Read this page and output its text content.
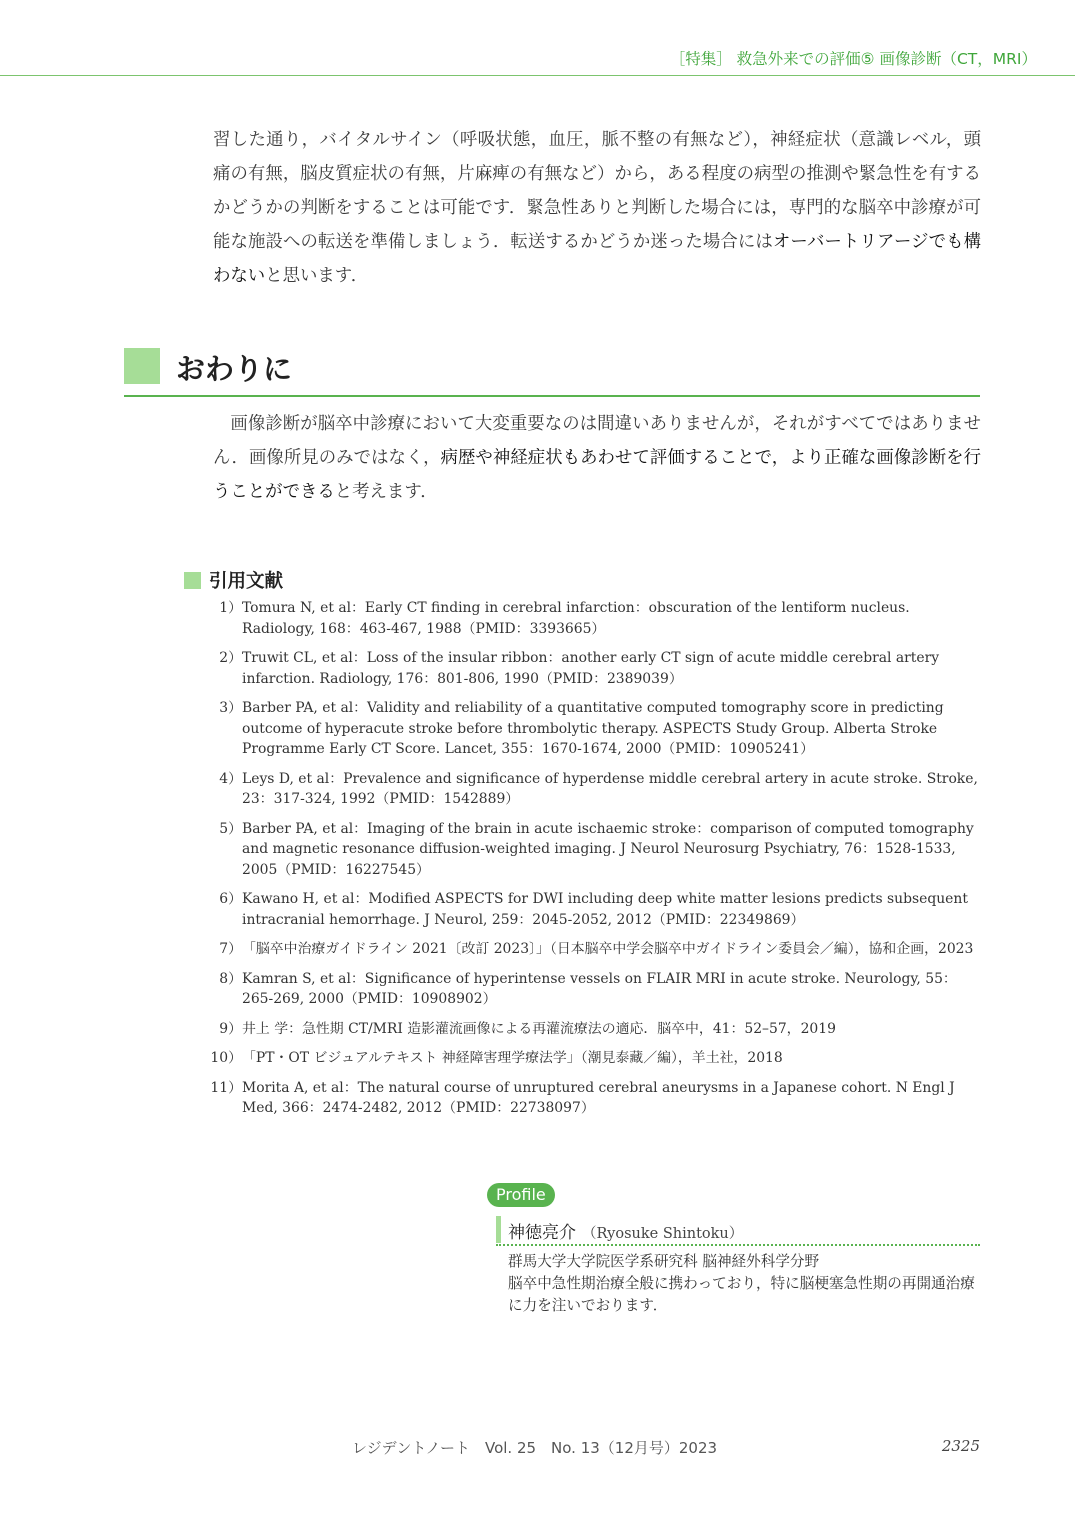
［特集］ 救急外来での評価⑤ 画像診断（CT，MRI）

習した通り，バイタルサイン（呼吸状態，血圧，脈不整の有無など），神経症状（意識レベル，頭痛の有無，脳皮質症状の有無，片麻痺の有無など）から，ある程度の病型の推測や緊急性を有するかどうかの判断をすることは可能です．緊急性ありと判断した場合には，専門的な脳卒中診療が可能な施設への転送を準備しましょう．転送するかどうか迷った場合にはオーバートリアージでも構わないと思います．

おわりに

画像診断が脳卒中診療において大変重要なのは間違いありませんが，それがすべてではありません．画像所見のみではなく，病歴や神経症状もあわせて評価することで，より正確な画像診断を行うことができると考えます．

引用文献
1） Tomura N, et al：Early CT finding in cerebral infarction：obscuration of the lentiform nucleus. Radiology, 168：463-467, 1988（PMID：3393665）
2） Truwit CL, et al：Loss of the insular ribbon：another early CT sign of acute middle cerebral artery infarction. Radiology, 176：801-806, 1990（PMID：2389039）
3） Barber PA, et al：Validity and reliability of a quantitative computed tomography score in predicting outcome of hyperacute stroke before thrombolytic therapy. ASPECTS Study Group. Alberta Stroke Programme Early CT Score. Lancet, 355：1670-1674, 2000（PMID：10905241）
4） Leys D, et al：Prevalence and significance of hyperdense middle cerebral artery in acute stroke. Stroke, 23：317-324, 1992（PMID：1542889）
5） Barber PA, et al：Imaging of the brain in acute ischaemic stroke：comparison of computed tomography and magnetic resonance diffusion-weighted imaging. J Neurol Neurosurg Psychiatry, 76：1528-1533, 2005（PMID：16227545）
6） Kawano H, et al：Modified ASPECTS for DWI including deep white matter lesions predicts subsequent intracranial hemorrhage. J Neurol, 259：2045-2052, 2012（PMID：22349869）
7） 「脳卒中治療ガイドライン 2021〔改訂 2023〕」（日本脳卒中学会脳卒中ガイドライン委員会／編），協和企画，2023
8） Kamran S, et al：Significance of hyperintense vessels on FLAIR MRI in acute stroke. Neurology, 55：265-269, 2000（PMID：10908902）
9） 井上 学：急性期 CT/MRI 造影灌流画像による再灌流療法の適応．脳卒中，41：52–57，2019
10） 「PT・OT ビジュアルテキスト 神経障害理学療法学」（潮見泰藏／編），羊土社，2018
11） Morita A, et al：The natural course of unruptured cerebral aneurysms in a Japanese cohort. N Engl J Med, 366：2474-2482, 2012（PMID：22738097）
Profile
神徳亮介 （Ryosuke Shintoku）

群馬大学大学院医学系研究科 脳神経外科学分野
脳卒中急性期治療全般に携わっており，特に脳梗塞急性期の再開通治療に力を注いでおります．

レジデントノート　Vol. 25　No. 13（12月号）2023	2325
